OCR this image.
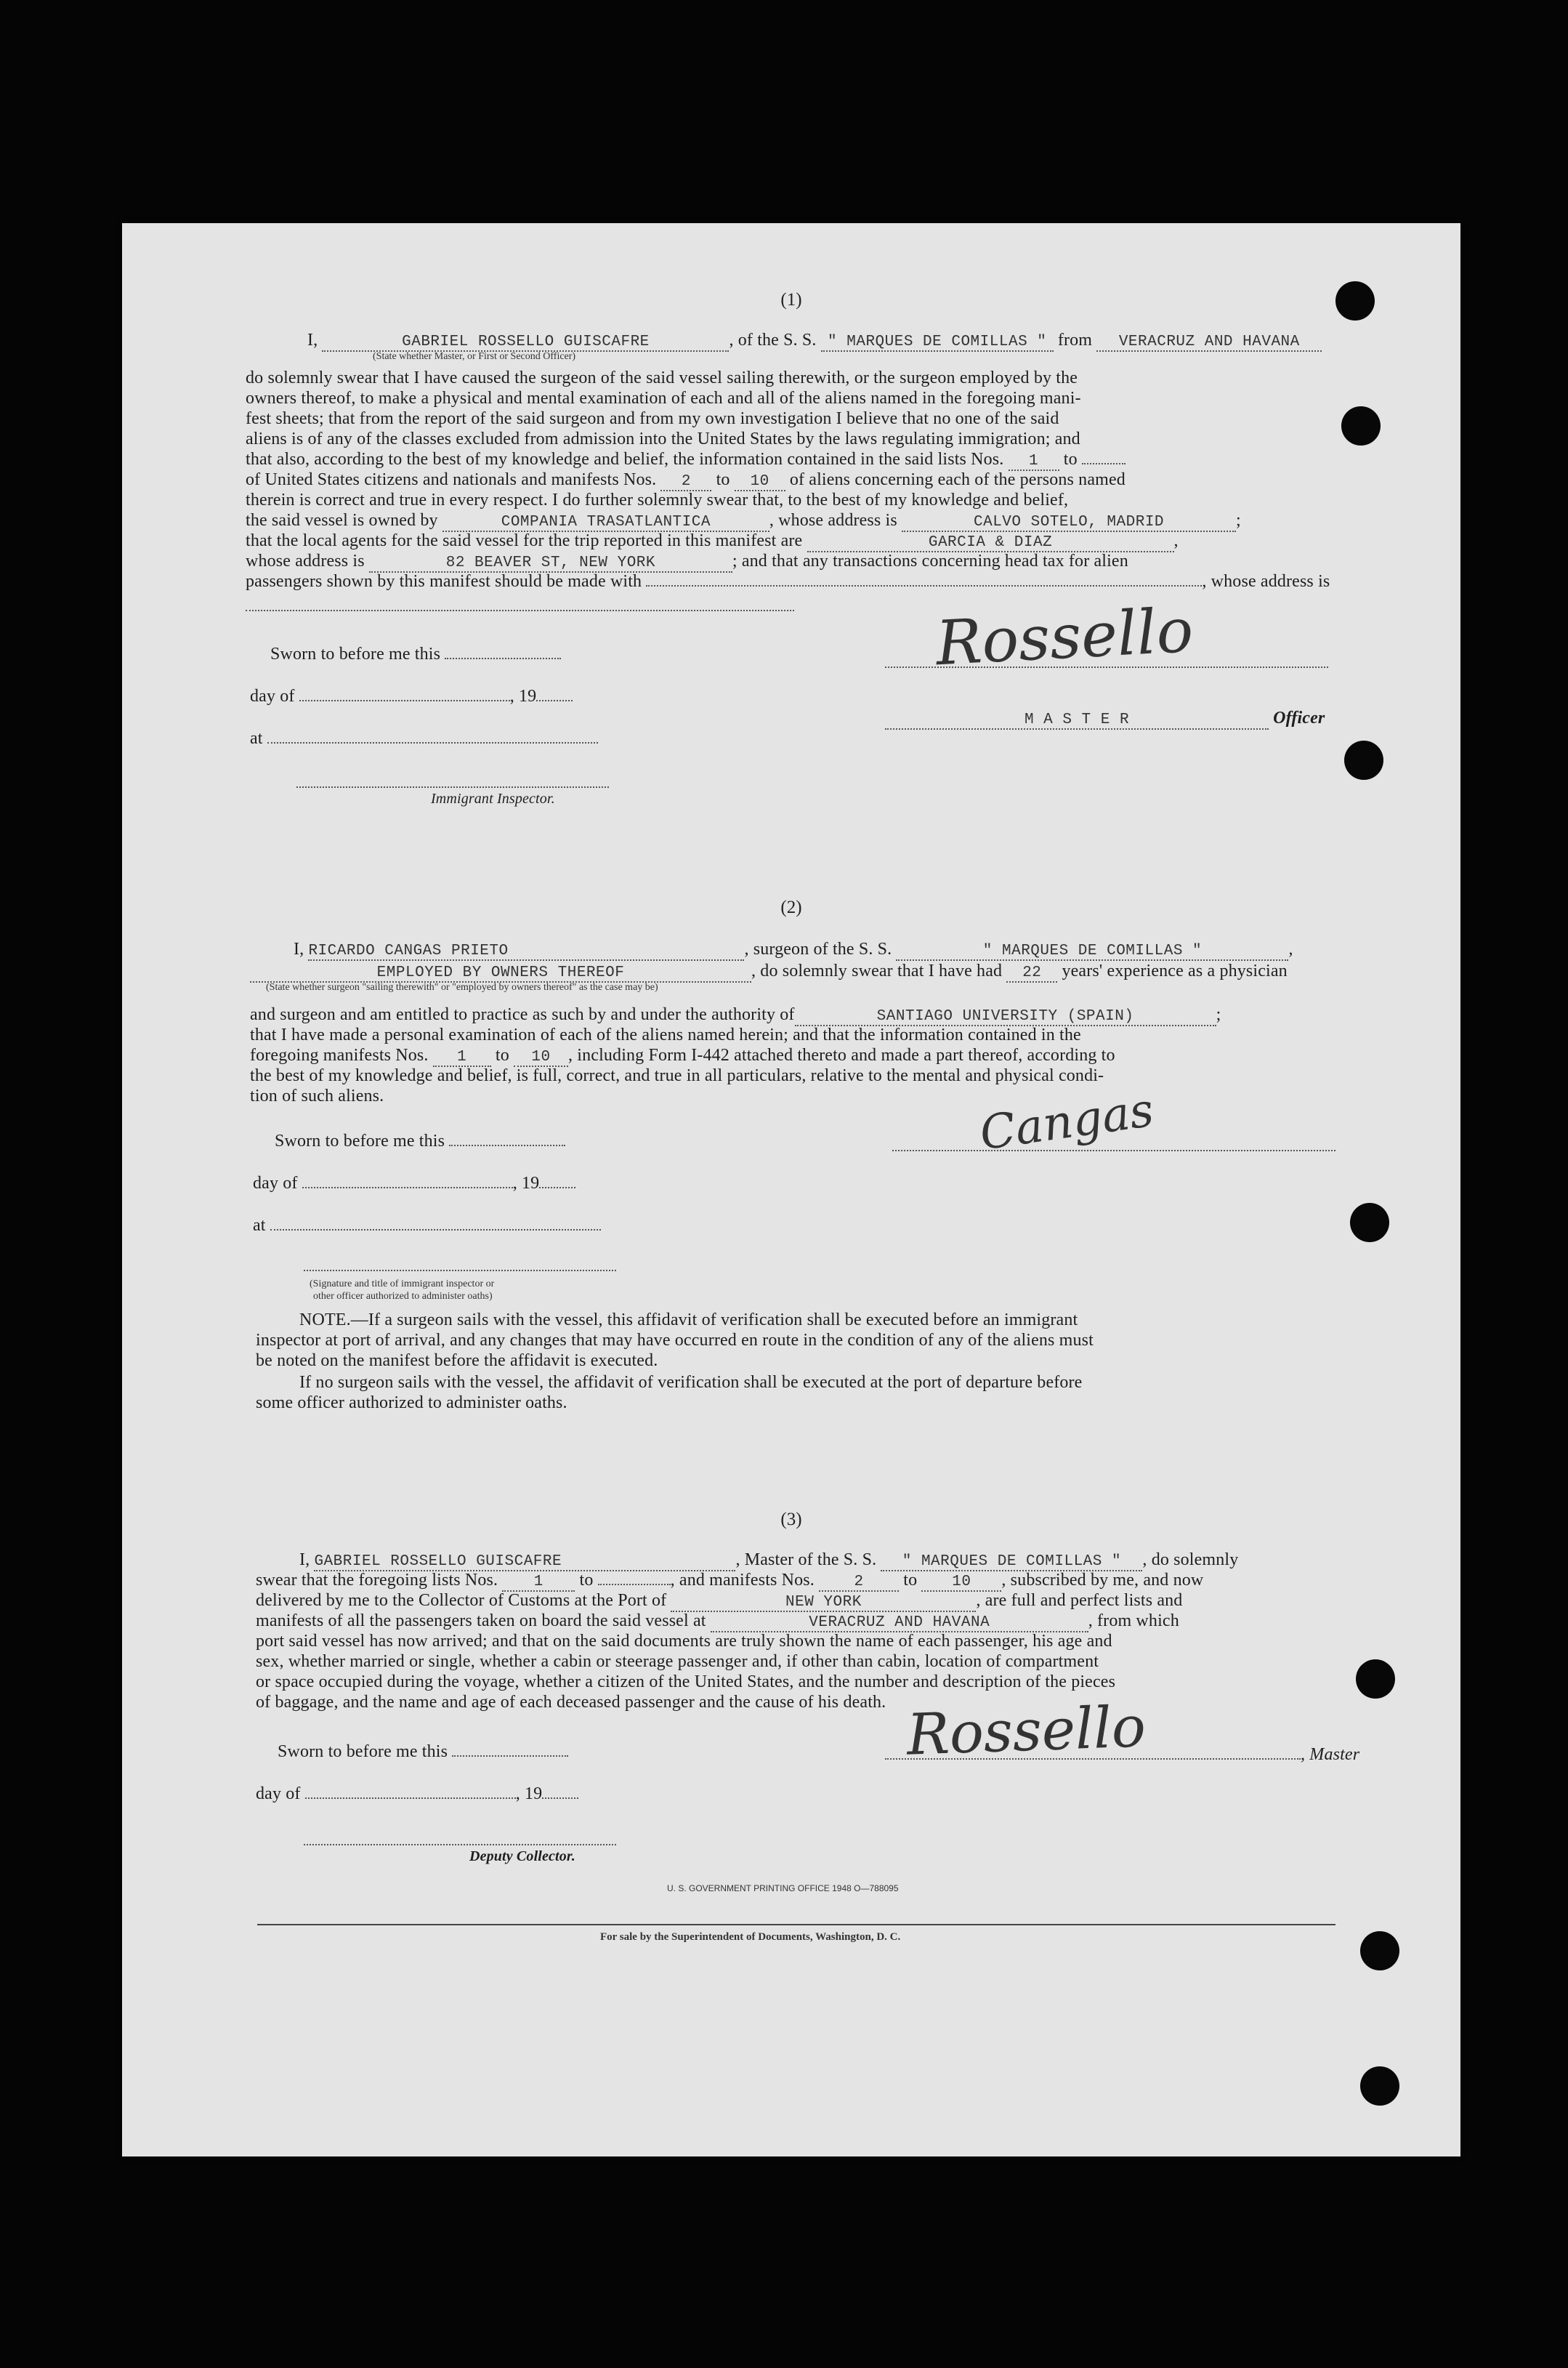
(1)
I,	GABRIEL ROSSELLO GUISCAFRE	, of the S. S. " MARQUES DE COMILLAS " from VERACRUZ AND HAVANA
(State whether Master, or First or Second Officer)
do solemnly swear that I have caused the surgeon of the said vessel sailing therewith, or the surgeon employed by the
owners thereof, to make a physical and mental examination of each and all of the aliens named in the foregoing mani-
fest sheets; that from the report of the said surgeon and from my own investigation I believe that no one of the said
aliens is of any of the classes excluded from admission into the United States by the laws regulating immigration; and
that also, according to the best of my knowledge and belief, the information contained in the said lists Nos. 1 to
of United States citizens and nationals and manifests Nos. 2 to 10 of aliens concerning each of the persons named
therein is correct and true in every respect. I do further solemnly swear that, to the best of my knowledge and belief,
the said vessel is owned by	COMPANIA TRASATLANTICA	, whose address is	CALVO SOTELO, MADRID	;
that the local agents for the said vessel for the trip reported in this manifest are	GARCIA & DIAZ	,
whose address is	82 BEAVER ST, NEW YORK	; and that any transactions concerning head tax for alien
passengers shown by this manifest should be made with	, whose address is
Sworn to before me this
day of	, 19
at
Immigrant Inspector.
Rossello
M A S T E R	Officer
(2)
I, RICARDO CANGAS PRIETO	, surgeon of the S. S.	" MARQUES DE COMILLAS "	,
EMPLOYED BY OWNERS THEREOF	, do solemnly swear that I have had 22 years' experience as a physician
(State whether surgeon "sailing therewith" or "employed by owners thereof" as the case may be)
and surgeon and am entitled to practice as such by and under the authority of	SANTIAGO UNIVERSITY (SPAIN)	;
that I have made a personal examination of each of the aliens named herein; and that the information contained in the
foregoing manifests Nos. 1 to 10 , including Form I-442 attached thereto and made a part thereof, according to
the best of my knowledge and belief, is full, correct, and true in all particulars, relative to the mental and physical condi-
tion of such aliens.
Sworn to before me this
day of	, 19
at
(Signature and title of immigrant inspector or
other officer authorized to administer oaths)
Cangas
NOTE.—If a surgeon sails with the vessel, this affidavit of verification shall be executed before an immigrant
inspector at port of arrival, and any changes that may have occurred en route in the condition of any of the aliens must
be noted on the manifest before the affidavit is executed.
If no surgeon sails with the vessel, the affidavit of verification shall be executed at the port of departure before
some officer authorized to administer oaths.
(3)
I, GABRIEL ROSSELLO GUISCAFRE	, Master of the S. S. " MARQUES DE COMILLAS " , do solemnly
swear that the foregoing lists Nos. 1 to	, and manifests Nos.	2 to 10 , subscribed by me, and now
delivered by me to the Collector of Customs at the Port of	NEW YORK	, are full and perfect lists and
manifests of all the passengers taken on board the said vessel at	VERACRUZ AND HAVANA	, from which
port said vessel has now arrived; and that on the said documents are truly shown the name of each passenger, his age and
sex, whether married or single, whether a cabin or steerage passenger and, if other than cabin, location of compartment
or space occupied during the voyage, whether a citizen of the United States, and the number and description of the pieces
of baggage, and the name and age of each deceased passenger and the cause of his death.
Sworn to before me this	Rossello	, Master
day of	, 19
Deputy Collector.
U. S. GOVERNMENT PRINTING OFFICE 1948 O—788095
For sale by the Superintendent of Documents, Washington, D. C.
